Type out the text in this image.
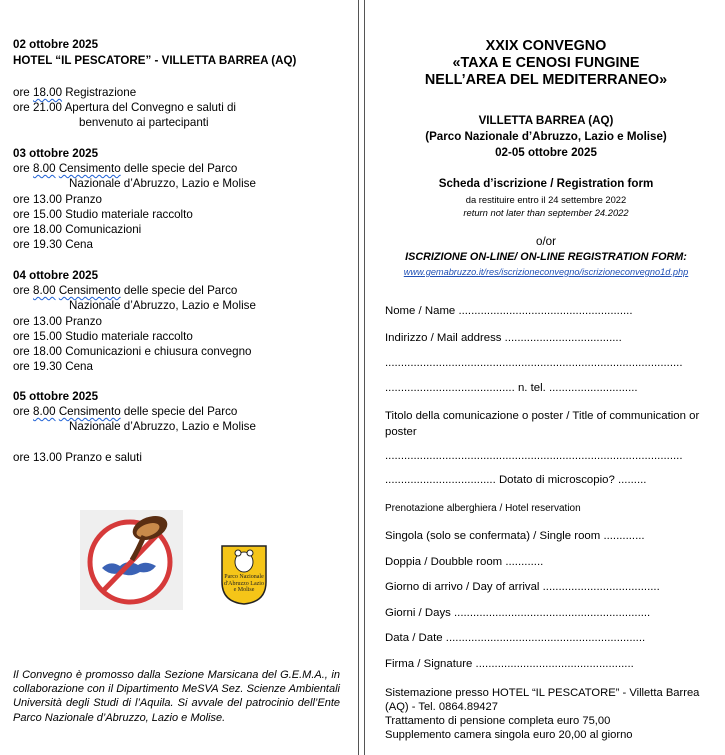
02 ottobre 2025
HOTEL “IL PESCATORE” - VILLETTA BARREA (AQ)
ore 18.00 Registrazione
ore 21.00 Apertura del Convegno e saluti di
benvenuto ai partecipanti
03 ottobre 2025
ore 8.00 Censimento delle specie del Parco
Nazionale d’Abruzzo, Lazio e Molise
ore 13.00 Pranzo
ore 15.00 Studio materiale raccolto
ore 18.00 Comunicazioni
ore 19.30 Cena
04 ottobre 2025
ore 8.00 Censimento delle specie del Parco
Nazionale d’Abruzzo, Lazio e Molise
ore 13.00 Pranzo
ore 15.00 Studio materiale raccolto
ore 18.00 Comunicazioni e chiusura convegno
ore 19.30 Cena
05 ottobre 2025
ore 8.00 Censimento delle specie del Parco
Nazionale d’Abruzzo, Lazio e Molise
ore 13.00 Pranzo e saluti
Parco Nazionale d'Abruzzo Lazio e Molise
Il Convegno è promosso dalla Sezione Marsicana del G.E.M.A., in collaborazione con il Dipartimento MeSVA Sez. Scienze Ambientali Università degli Studi di l’Aquila. Si avvale del patrocinio dell’Ente Parco Nazionale d’Abruzzo, Lazio e Molise.
XXIX CONVEGNO
«TAXA E CENOSI FUNGINE
NELL’AREA DEL MEDITERRANEO»
VILLETTA BARREA (AQ)
(Parco Nazionale d’Abruzzo, Lazio e Molise)
02-05 ottobre 2025
Scheda d’iscrizione / Registration form
da restituire entro il 24 settembre 2022
return not later than september 24.2022
o/or
ISCRIZIONE ON-LINE/ ON-LINE REGISTRATION FORM:
www.gemabruzzo.it/res/iscrizioneconvegno/iscrizioneconvegno1d.php
Nome / Name .......................................................
Indirizzo / Mail address .....................................
..............................................................................................
......................................... n. tel. ............................
Titolo della comunicazione o poster / Title of communication or poster
..............................................................................................
................................... Dotato di microscopio? .........
Prenotazione alberghiera / Hotel reservation
Singola (solo se confermata) / Single room .............
Doppia / Doubble room ............
Giorno di arrivo / Day of arrival .....................................
Giorni / Days ..............................................................
Data / Date ...............................................................
Firma / Signature ..................................................
Sistemazione presso HOTEL “IL PESCATORE” - Villetta Barrea (AQ) - Tel. 0864.89427
Trattamento di pensione completa euro 75,00
Supplemento camera singola euro 20,00 al giorno
